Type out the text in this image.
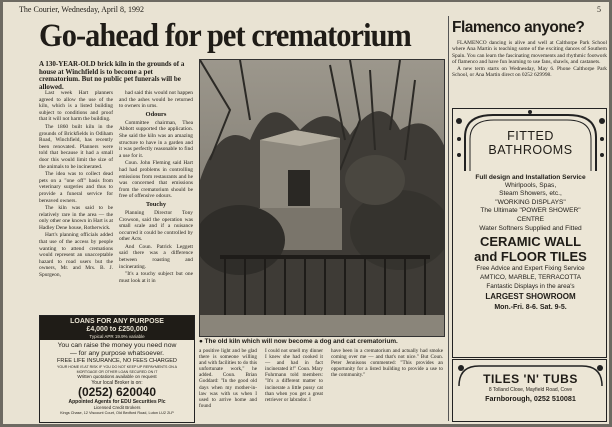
The Courier, Wednesday, April 8, 1992	5
Go-ahead for pet crematorium
A 130-YEAR-OLD brick kiln in the grounds of a house at Winchfield is to become a pet crematorium. But no public pet funerals will be allowed.

Last week Hart planners agreed to allow the use of the kiln, which is a listed building subject to conditions and proof that it will not harm the building.

The 1860 built kiln in the grounds of Brickfields in Odiham Road, Winchfield, has recently been renovated. Planners were told that because it had a small door this would limit the size of the animals to be incinerated.

The idea was to collect dead pets on a "one off" basis from veterinary surgeries and thus to provide a funeral service for bereaved owners.

The kiln was said to be relatively rare in the area — the only other one known in Hart is at Hadley Dene house, Rotherwick.

Hart's planning officials added that use of the access by people wanting to attend cremations would represent an unacceptable hazard to road users but the owners, Mr. and Mrs. B. J. Spurgeon,

had said this would not happen and the ashes would be returned to owners in urns.

Odours

Committee chairman, Thea Abbott supported the application. She said the kiln was an amazing structure to have in a garden and it was perfectly reasonable to find a use for it.

Coun. John Fleming said Hart had had problems in controlling emissions from restaurants and he was concerned that emissions from the crematorium should be free of offensive odours.

Touchy

Planning Director Tony Crowson, said the operation was small scale and if a nuisance occurred it could be controlled by other Acts.

And Coun. Patrick Leggett said there was a difference between roasting and incinerating.

"It's a touchy subject but one must look at it in

● The old kiln which will now become a dog and cat crematorium.
a positive light and be glad there is someone willing and with facilities to do this unfortunate work," he added. Coun. Brian Goddard: "In the good old days when my mother-in-law was with us when I used to arrive home and found
I could not smell my dinner I knew she had cooked it — and had in fact incinerated it!" Coun. Mary Fuhrmann told members: "It's a different matter to incinerate a little pussy cat than when you get a great retriever or labrador. I
have been in a crematorium and actually had smoke coming over me — and that's not nice." But Coun. Peter Jennisons commented: "This provides an opportunity for a listed building to provide a use to the community."
LOANS FOR ANY PURPOSE
£4,000 to £250,000
Typical APR 19.9% variable
You can raise the money you need now
— for any purpose whatsoever.
FREE LIFE INSURANCE, NO FEES CHARGED
YOUR HOME IS AT RISK IF YOU DO NOT KEEP UP REPAYMENTS ON A MORTGAGE OR OTHER LOAN SECURED ON IT
Written quotations available on request
Your local Broker is on:
(0252) 620040
Appointed Agents for EDU Securities Plc
Licensed Credit Brokers
Kings Chase, 12 Viscount Court, Old Bedford Road, Luton LU2 2LP
Flamenco anyone?

FLAMENCO dancing is alive and well at Calthorpe Park School where Ana Martin is teaching some of the exciting dances of Southern Spain. You can learn the fascinating movements and rhythmic footwork of flamenco and have fun learning to use fans, shawls, and castanets.

A new term starts on Wednesday, May 6. Phone Calthorpe Park School, or Ana Martin direct on 0252 629998.

FITTED
BATHROOMS
Full design and Installation Service
Whirlpools, Spas,
Steam Showers, etc.,
"WORKING DISPLAYS"
The Ultimate "POWER SHOWER"
CENTRE
Water Softners Supplied and Fitted
CERAMIC WALL
and FLOOR TILES
Free Advice and Expert Fixing Service
AMTICO, MARBLE, TERRACOTTA
Fantastic Displays in the area's
LARGEST SHOWROOM
Mon.-Fri. 8-6. Sat. 9-5.
TILES 'N' TUBS
8 Tolland Close, Mayfield Road, Cove
Farnborough, 0252 510081
